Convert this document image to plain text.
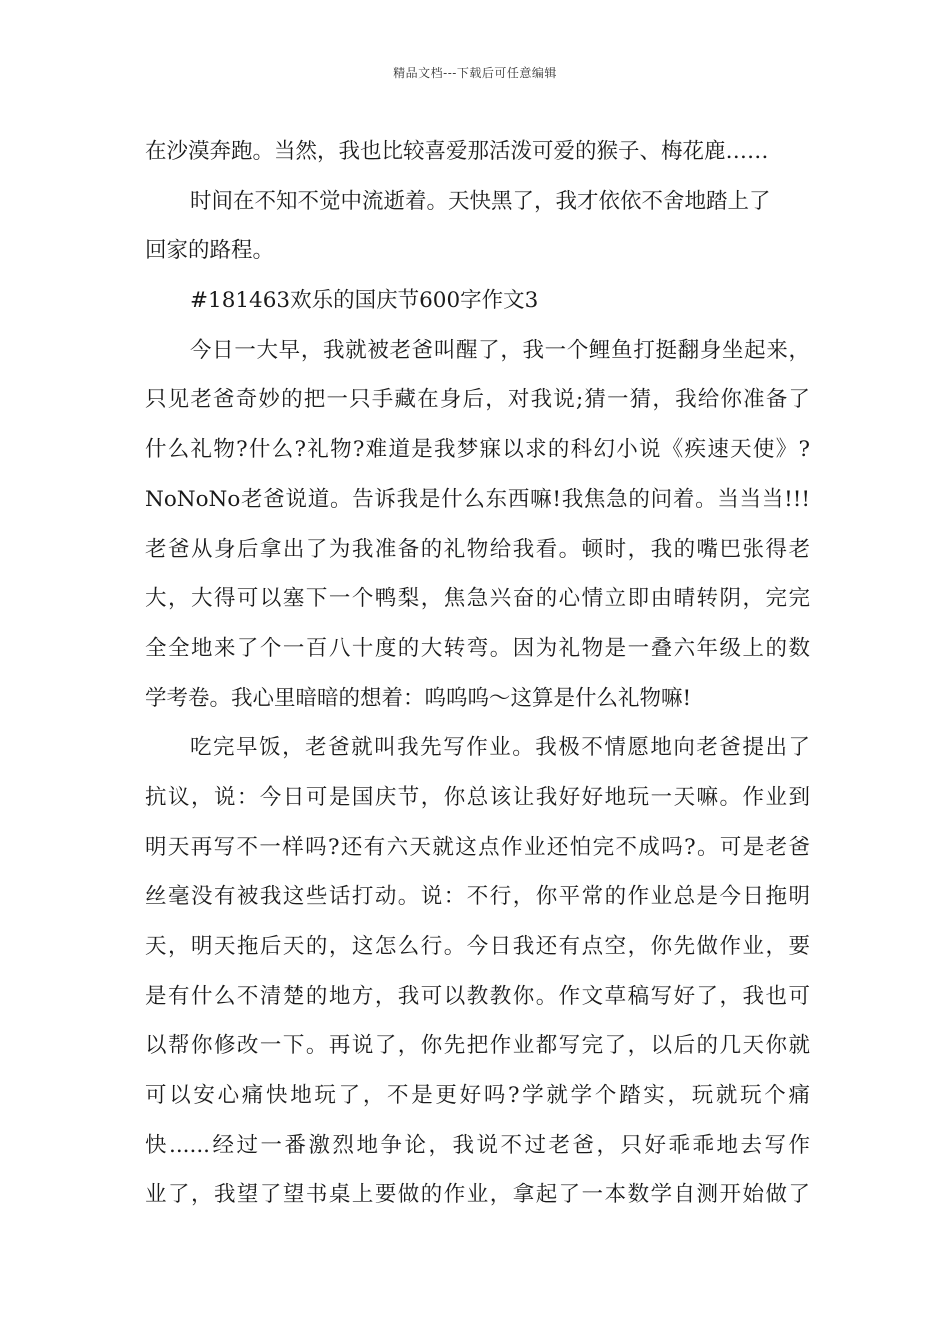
精品文档---下载后可任意编辑
在沙漠奔跑。当然，我也比较喜爱那活泼可爱的猴子、梅花鹿……
时间在不知不觉中流逝着。天快黑了，我才依依不舍地踏上了
回家的路程。
#181463欢乐的国庆节600字作文3
今日一大早，我就被老爸叫醒了，我一个鲤鱼打挺翻身坐起来，
只见老爸奇妙的把一只手藏在身后，对我说;猜一猜，我给你准备了
什么礼物?什么?礼物?难道是我梦寐以求的科幻小说《疾速天使》?
NoNoNo老爸说道。告诉我是什么东西嘛!我焦急的问着。当当当!!!
老爸从身后拿出了为我准备的礼物给我看。顿时，我的嘴巴张得老
大，大得可以塞下一个鸭梨，焦急兴奋的心情立即由晴转阴，完完
全全地来了个一百八十度的大转弯。因为礼物是一叠六年级上的数
学考卷。我心里暗暗的想着：呜呜呜～这算是什么礼物嘛!
吃完早饭，老爸就叫我先写作业。我极不情愿地向老爸提出了
抗议，说：今日可是国庆节，你总该让我好好地玩一天嘛。作业到
明天再写不一样吗?还有六天就这点作业还怕完不成吗?。可是老爸
丝毫没有被我这些话打动。说：不行，你平常的作业总是今日拖明
天，明天拖后天的，这怎么行。今日我还有点空，你先做作业，要
是有什么不清楚的地方，我可以教教你。作文草稿写好了，我也可
以帮你修改一下。再说了，你先把作业都写完了，以后的几天你就
可以安心痛快地玩了，不是更好吗?学就学个踏实，玩就玩个痛
快......经过一番激烈地争论，我说不过老爸，只好乖乖地去写作
业了，我望了望书桌上要做的作业，拿起了一本数学自测开始做了
